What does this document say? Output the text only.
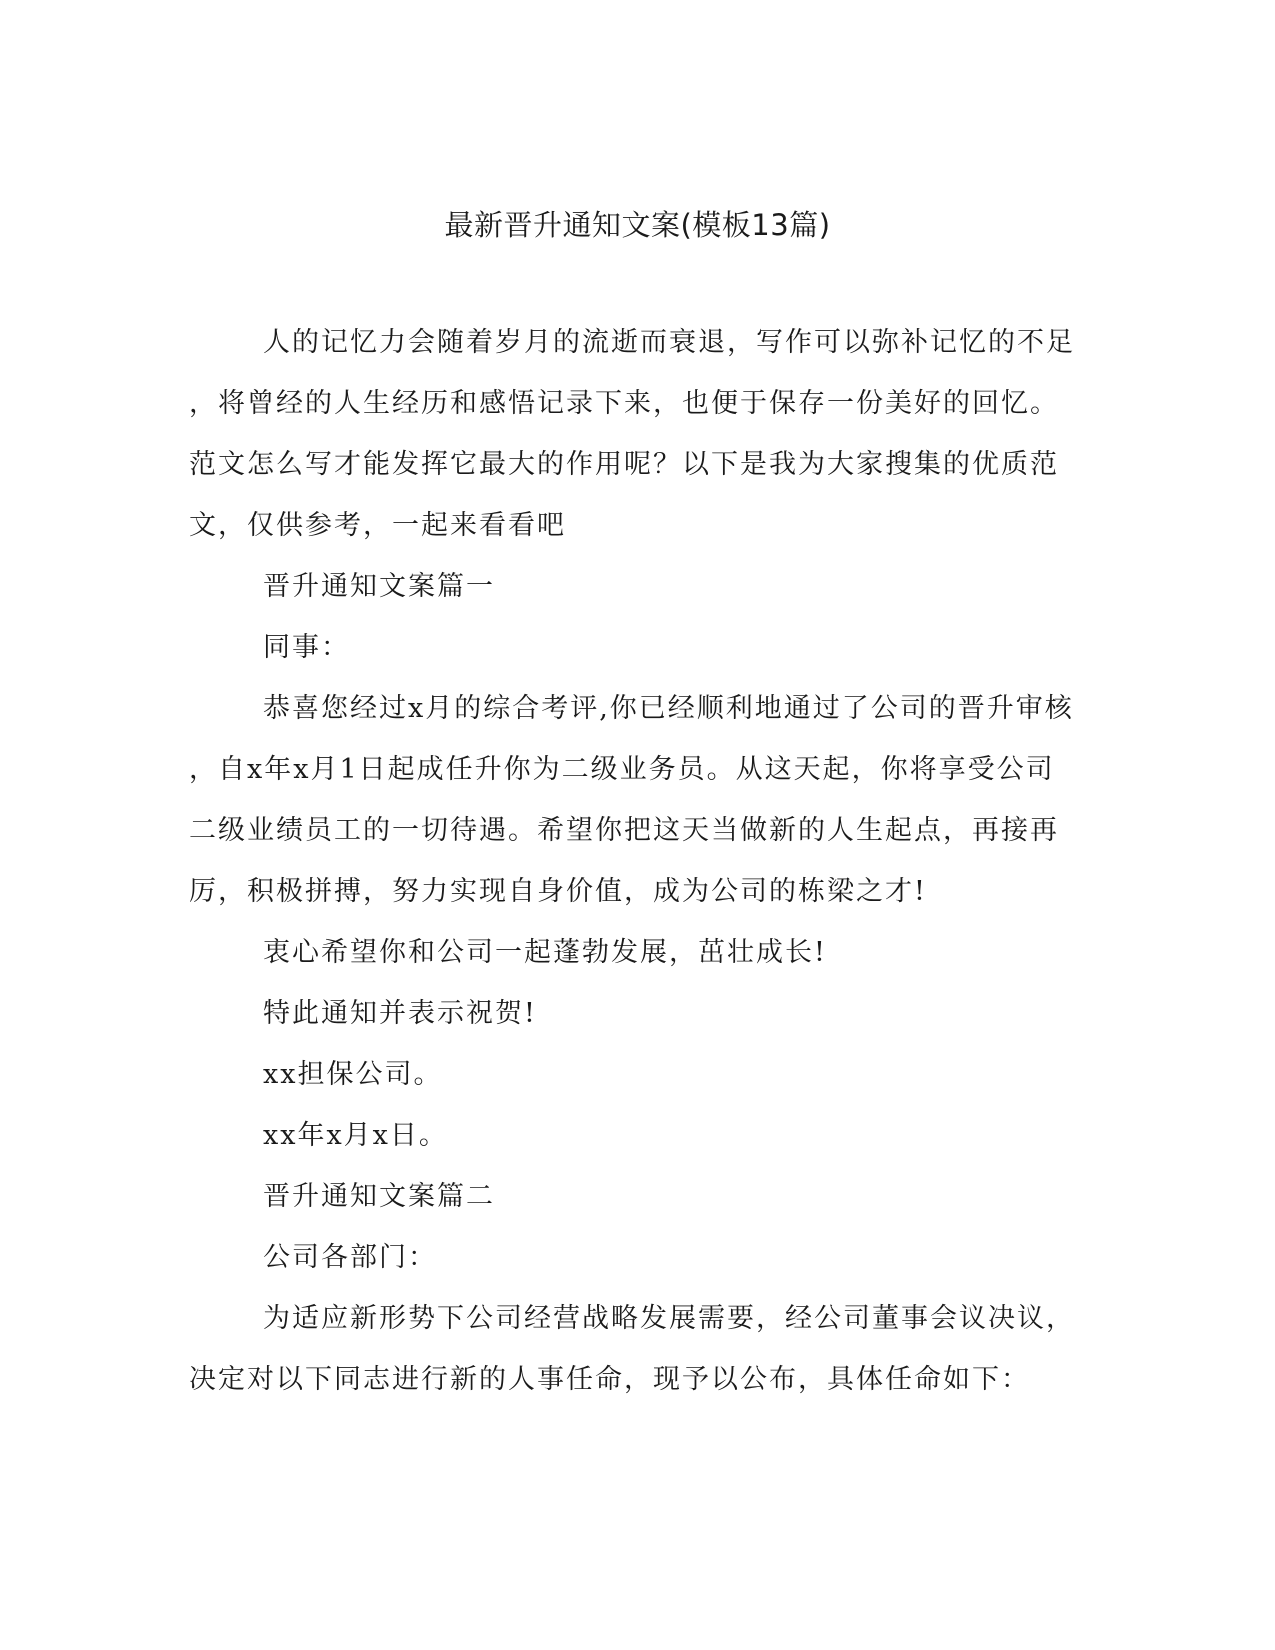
最新晋升通知文案(模板13篇)
人的记忆力会随着岁月的流逝而衰退，写作可以弥补记忆的不足
，将曾经的人生经历和感悟记录下来，也便于保存一份美好的回忆。
范文怎么写才能发挥它最大的作用呢？以下是我为大家搜集的优质范
文，仅供参考，一起来看看吧
晋升通知文案篇一
同事：
恭喜您经过x月的综合考评,你已经顺利地通过了公司的晋升审核
，自x年x月1日起成任升你为二级业务员。从这天起，你将享受公司
二级业绩员工的一切待遇。希望你把这天当做新的人生起点，再接再
厉，积极拼搏，努力实现自身价值，成为公司的栋梁之才!
衷心希望你和公司一起蓬勃发展，茁壮成长!
特此通知并表示祝贺!
xx担保公司。
xx年x月x日。
晋升通知文案篇二
公司各部门：
为适应新形势下公司经营战略发展需要，经公司董事会议决议，
决定对以下同志进行新的人事任命，现予以公布，具体任命如下：
